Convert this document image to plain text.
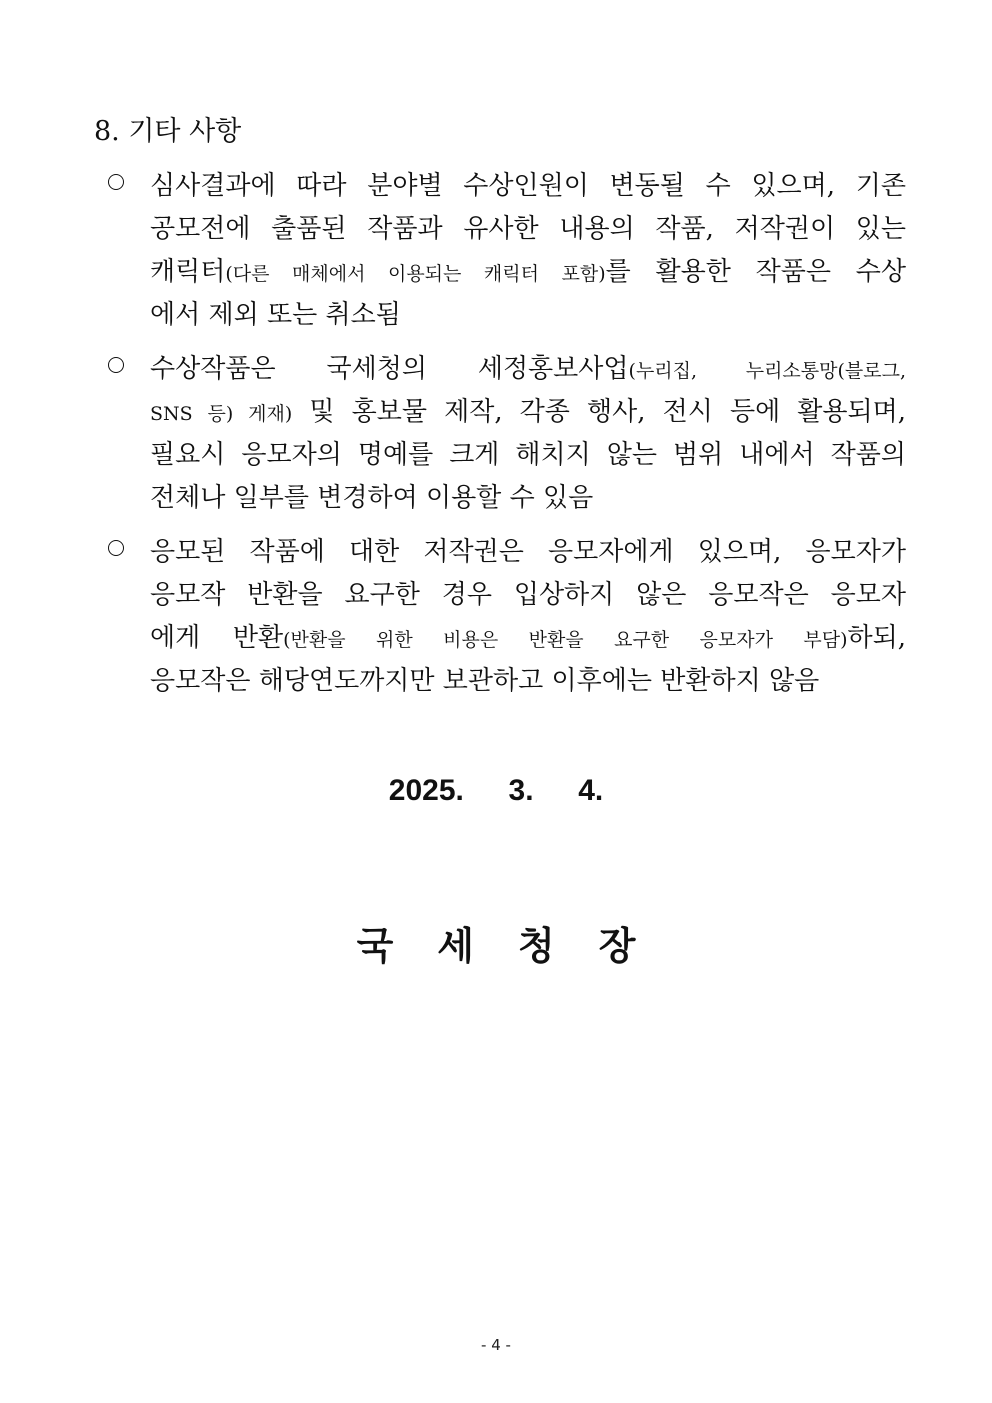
8. 기타 사항
심사결과에 따라 분야별 수상인원이 변동될 수 있으며, 기존
공모전에 출품된 작품과 유사한 내용의 작품, 저작권이 있는
캐릭터(다른 매체에서 이용되는 캐릭터 포함)를 활용한 작품은 수상
에서 제외 또는 취소됨
수상작품은 국세청의 세정홍보사업(누리집, 누리소통망(블로그,
SNS 등) 게재) 및 홍보물 제작, 각종 행사, 전시 등에 활용되며,
필요시 응모자의 명예를 크게 해치지 않는 범위 내에서 작품의
전체나 일부를 변경하여 이용할 수 있음
응모된 작품에 대한 저작권은 응모자에게 있으며, 응모자가
응모작 반환을 요구한 경우 입상하지 않은 응모작은 응모자
에게 반환(반환을 위한 비용은 반환을 요구한 응모자가 부담)하되,
응모작은 해당연도까지만 보관하고 이후에는 반환하지 않음
2025.  3.  4.
국세청장
- 4 -
